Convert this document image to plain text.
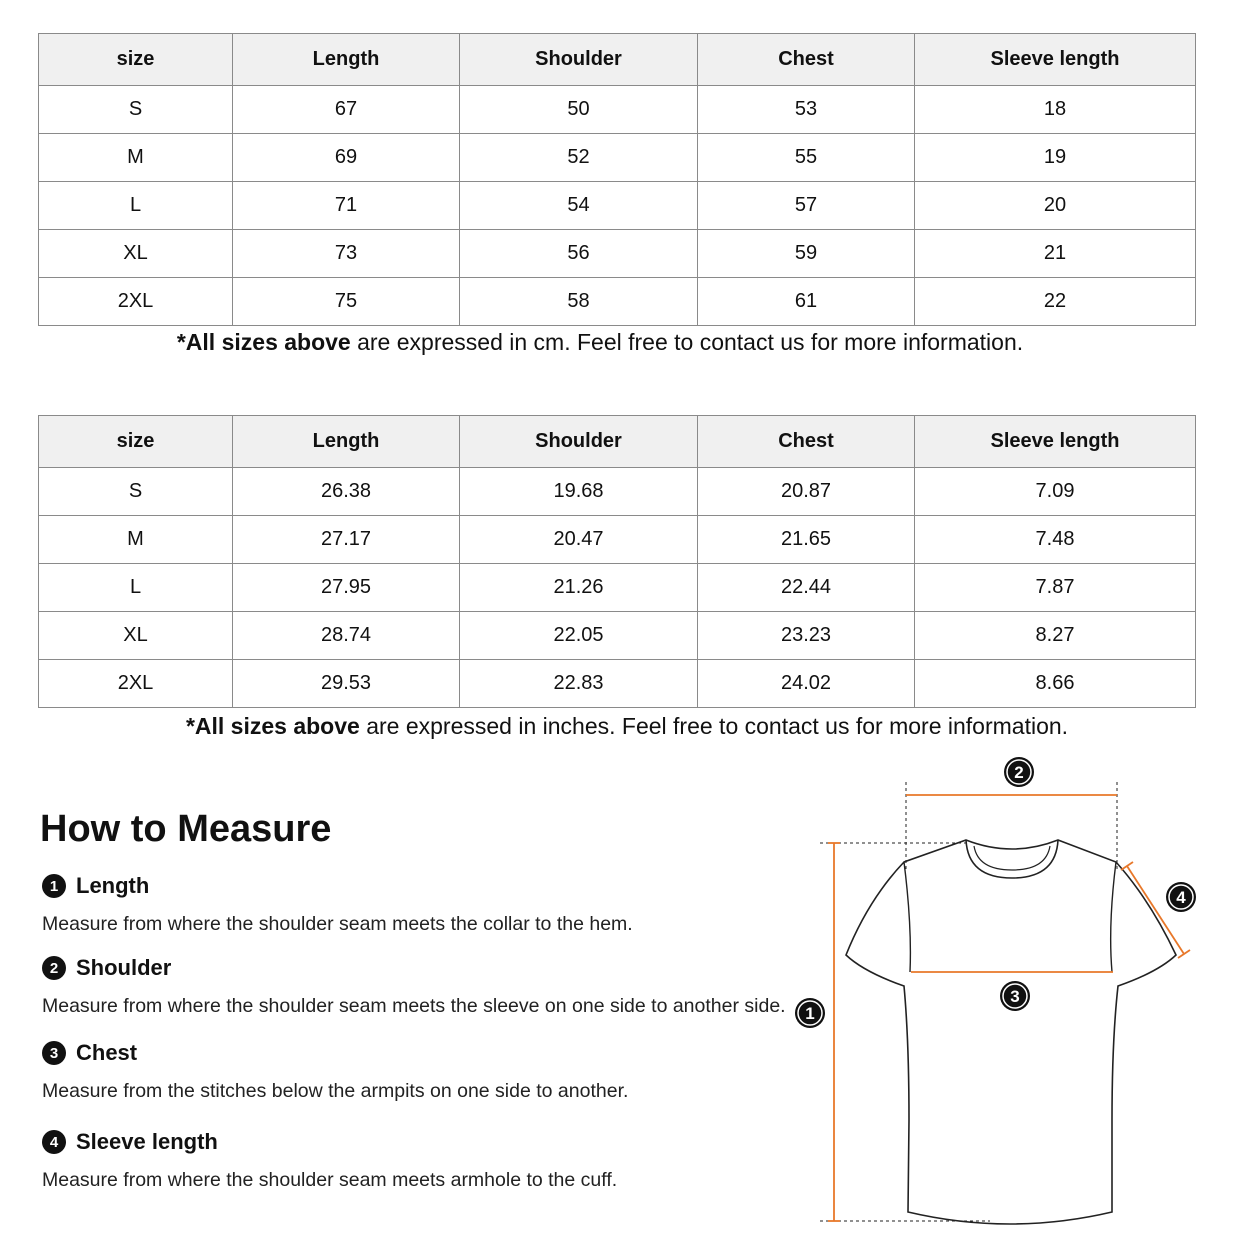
size	Length	Shoulder	Chest	Sleeve length
S	67	50	53	18
M	69	52	55	19
L	71	54	57	20
XL	73	56	59	21
2XL	75	58	61	22
*All sizes above are expressed in cm. Feel free to contact us for more information.
size	Length	Shoulder	Chest	Sleeve length
S	26.38	19.68	20.87	7.09
M	27.17	20.47	21.65	7.48
L	27.95	21.26	22.44	7.87
XL	28.74	22.05	23.23	8.27
2XL	29.53	22.83	24.02	8.66
*All sizes above are expressed in inches. Feel free to contact us for more information.
How to Measure
1 Length
Measure from where the shoulder seam meets the collar to the hem.
2 Shoulder
Measure from where the shoulder seam meets the sleeve on one side to another side.
3 Chest
Measure from the stitches below the armpits on one side to another.
4 Sleeve length
Measure from where the shoulder seam meets armhole to the cuff.
1
2
3
4
